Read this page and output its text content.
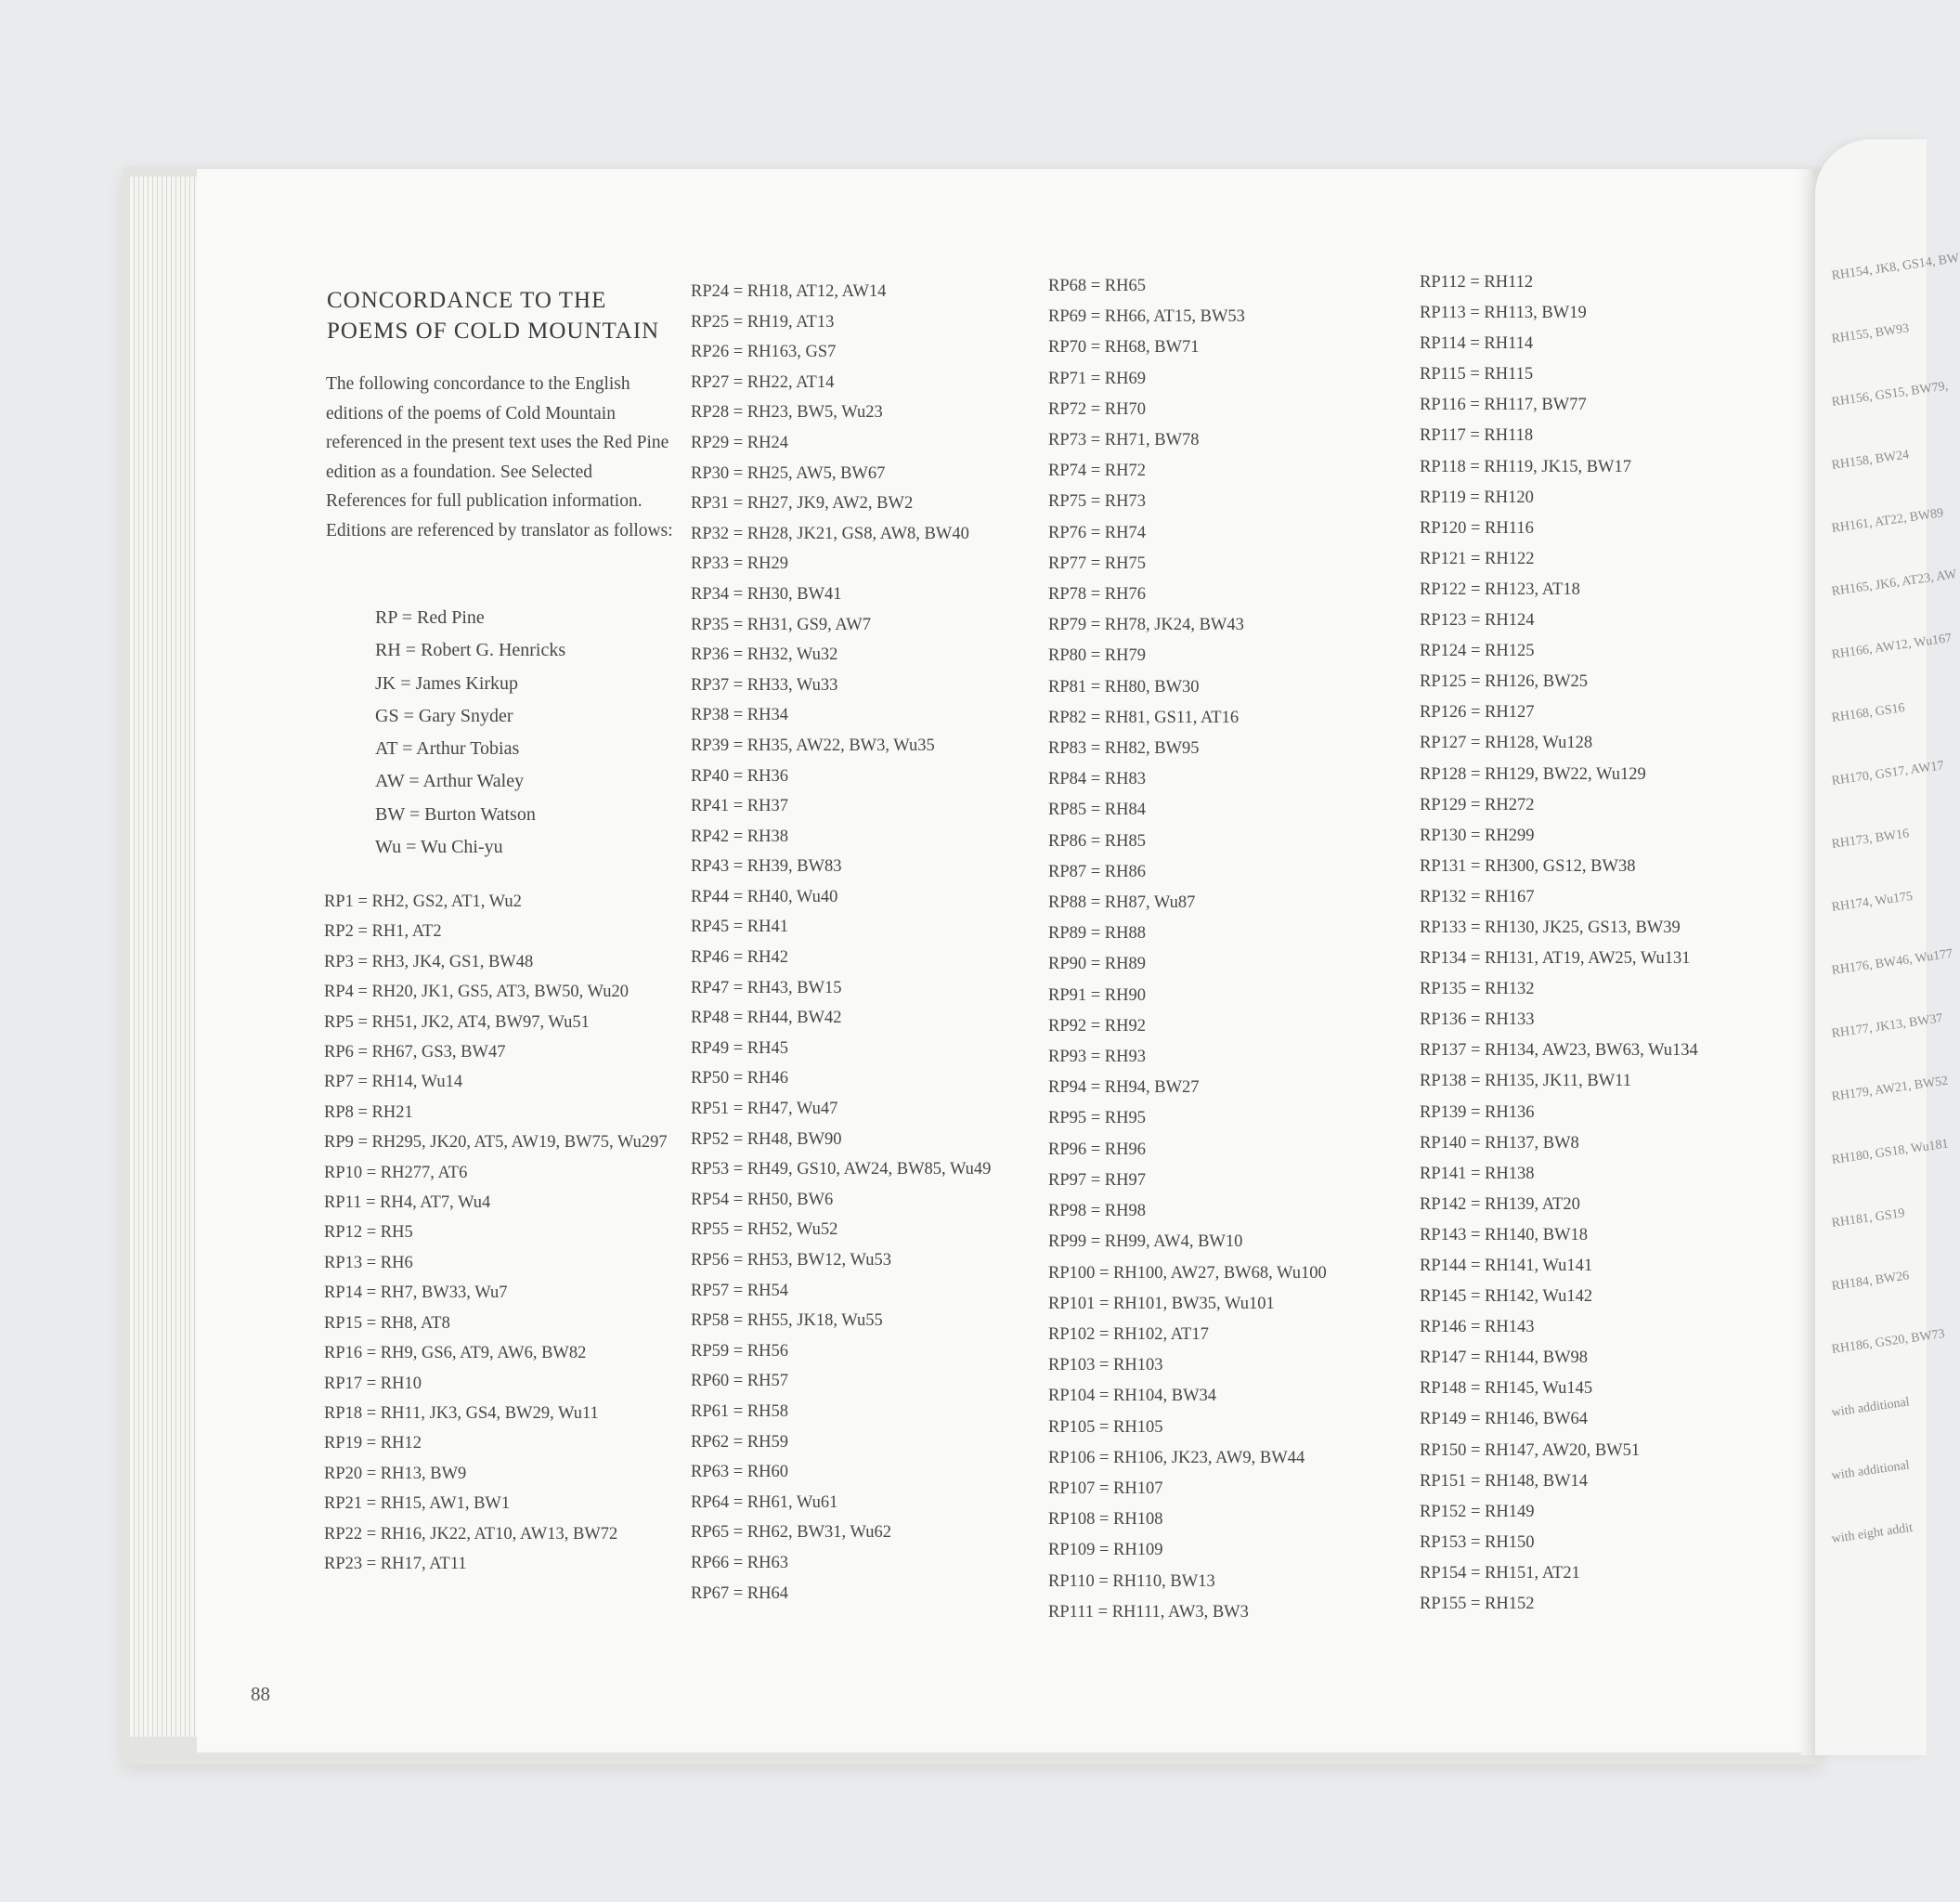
RH154, JK8, GS14, BW
RH155, BW93
RH156, GS15, BW79,
RH158, BW24
RH161, AT22, BW89
RH165, JK6, AT23, AW
RH166, AW12, Wu167
RH168, GS16
RH170, GS17, AW17
RH173, BW16
RH174, Wu175
RH176, BW46, Wu177
RH177, JK13, BW37
RH179, AW21, BW52
RH180, GS18, Wu181
RH181, GS19
RH184, BW26
RH186, GS20, BW73
with additional
with additional
with eight addit
CONCORDANCE TO THE
POEMS OF COLD MOUNTAIN

The following concordance to the English editions of the poems of Cold Mountain referenced in the present text uses the Red Pine edition as a foundation. See Selected References for full publication information. Editions are referenced by translator as follows:

RP = Red Pine
RH = Robert G. Henricks
JK = James Kirkup
GS = Gary Snyder
AT = Arthur Tobias
AW = Arthur Waley
BW = Burton Watson
Wu = Wu Chi-yu
RP1 = RH2, GS2, AT1, Wu2
RP2 = RH1, AT2
RP3 = RH3, JK4, GS1, BW48
RP4 = RH20, JK1, GS5, AT3, BW50, Wu20
RP5 = RH51, JK2, AT4, BW97, Wu51
RP6 = RH67, GS3, BW47
RP7 = RH14, Wu14
RP8 = RH21
RP9 = RH295, JK20, AT5, AW19, BW75, Wu297
RP10 = RH277, AT6
RP11 = RH4, AT7, Wu4
RP12 = RH5
RP13 = RH6
RP14 = RH7, BW33, Wu7
RP15 = RH8, AT8
RP16 = RH9, GS6, AT9, AW6, BW82
RP17 = RH10
RP18 = RH11, JK3, GS4, BW29, Wu11
RP19 = RH12
RP20 = RH13, BW9
RP21 = RH15, AW1, BW1
RP22 = RH16, JK22, AT10, AW13, BW72
RP23 = RH17, AT11
RP24 = RH18, AT12, AW14
RP25 = RH19, AT13
RP26 = RH163, GS7
RP27 = RH22, AT14
RP28 = RH23, BW5, Wu23
RP29 = RH24
RP30 = RH25, AW5, BW67
RP31 = RH27, JK9, AW2, BW2
RP32 = RH28, JK21, GS8, AW8, BW40
RP33 = RH29
RP34 = RH30, BW41
RP35 = RH31, GS9, AW7
RP36 = RH32, Wu32
RP37 = RH33, Wu33
RP38 = RH34
RP39 = RH35, AW22, BW3, Wu35
RP40 = RH36
RP41 = RH37
RP42 = RH38
RP43 = RH39, BW83
RP44 = RH40, Wu40
RP45 = RH41
RP46 = RH42
RP47 = RH43, BW15
RP48 = RH44, BW42
RP49 = RH45
RP50 = RH46
RP51 = RH47, Wu47
RP52 = RH48, BW90
RP53 = RH49, GS10, AW24, BW85, Wu49
RP54 = RH50, BW6
RP55 = RH52, Wu52
RP56 = RH53, BW12, Wu53
RP57 = RH54
RP58 = RH55, JK18, Wu55
RP59 = RH56
RP60 = RH57
RP61 = RH58
RP62 = RH59
RP63 = RH60
RP64 = RH61, Wu61
RP65 = RH62, BW31, Wu62
RP66 = RH63
RP67 = RH64
RP68 = RH65
RP69 = RH66, AT15, BW53
RP70 = RH68, BW71
RP71 = RH69
RP72 = RH70
RP73 = RH71, BW78
RP74 = RH72
RP75 = RH73
RP76 = RH74
RP77 = RH75
RP78 = RH76
RP79 = RH78, JK24, BW43
RP80 = RH79
RP81 = RH80, BW30
RP82 = RH81, GS11, AT16
RP83 = RH82, BW95
RP84 = RH83
RP85 = RH84
RP86 = RH85
RP87 = RH86
RP88 = RH87, Wu87
RP89 = RH88
RP90 = RH89
RP91 = RH90
RP92 = RH92
RP93 = RH93
RP94 = RH94, BW27
RP95 = RH95
RP96 = RH96
RP97 = RH97
RP98 = RH98
RP99 = RH99, AW4, BW10
RP100 = RH100, AW27, BW68, Wu100
RP101 = RH101, BW35, Wu101
RP102 = RH102, AT17
RP103 = RH103
RP104 = RH104, BW34
RP105 = RH105
RP106 = RH106, JK23, AW9, BW44
RP107 = RH107
RP108 = RH108
RP109 = RH109
RP110 = RH110, BW13
RP111 = RH111, AW3, BW3
RP112 = RH112
RP113 = RH113, BW19
RP114 = RH114
RP115 = RH115
RP116 = RH117, BW77
RP117 = RH118
RP118 = RH119, JK15, BW17
RP119 = RH120
RP120 = RH116
RP121 = RH122
RP122 = RH123, AT18
RP123 = RH124
RP124 = RH125
RP125 = RH126, BW25
RP126 = RH127
RP127 = RH128, Wu128
RP128 = RH129, BW22, Wu129
RP129 = RH272
RP130 = RH299
RP131 = RH300, GS12, BW38
RP132 = RH167
RP133 = RH130, JK25, GS13, BW39
RP134 = RH131, AT19, AW25, Wu131
RP135 = RH132
RP136 = RH133
RP137 = RH134, AW23, BW63, Wu134
RP138 = RH135, JK11, BW11
RP139 = RH136
RP140 = RH137, BW8
RP141 = RH138
RP142 = RH139, AT20
RP143 = RH140, BW18
RP144 = RH141, Wu141
RP145 = RH142, Wu142
RP146 = RH143
RP147 = RH144, BW98
RP148 = RH145, Wu145
RP149 = RH146, BW64
RP150 = RH147, AW20, BW51
RP151 = RH148, BW14
RP152 = RH149
RP153 = RH150
RP154 = RH151, AT21
RP155 = RH152
88
